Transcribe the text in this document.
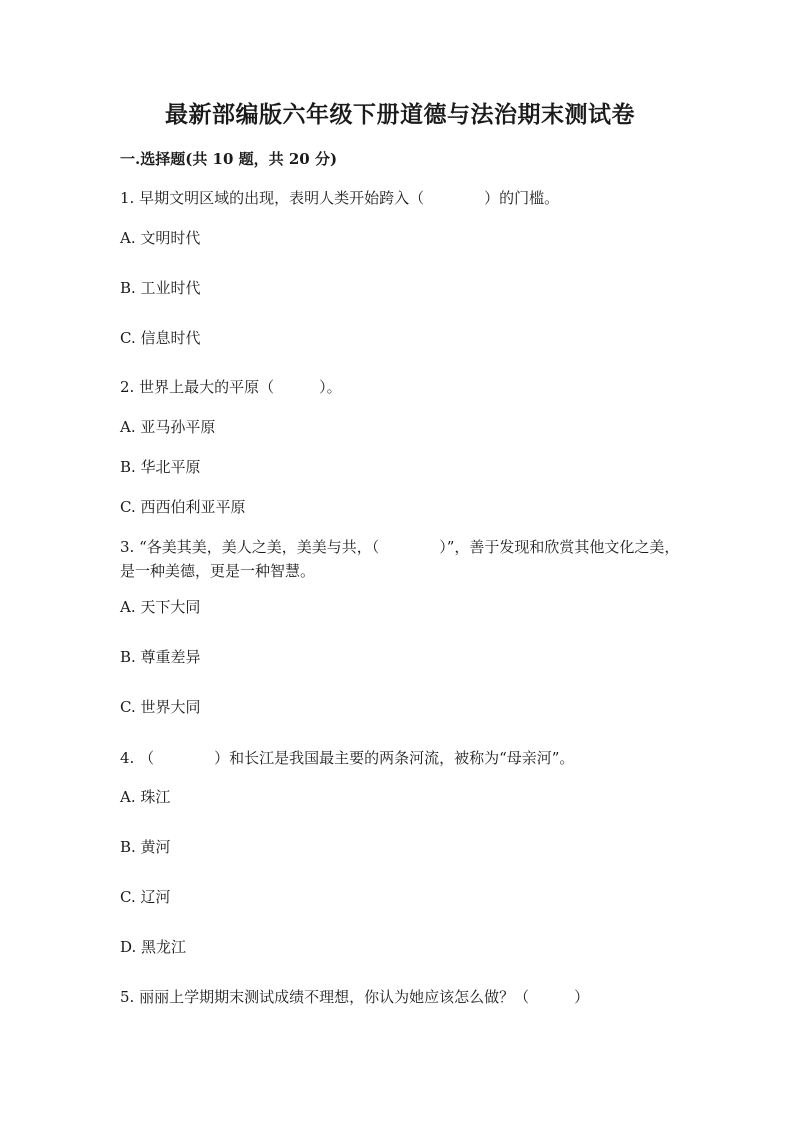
最新部编版六年级下册道德与法治期末测试卷
一.选择题(共 10 题，共 20 分)
1. 早期文明区域的出现，表明人类开始跨入（　　　　）的门槛。
A. 文明时代
B. 工业时代
C. 信息时代
2. 世界上最大的平原（　　　）。
A. 亚马孙平原
B. 华北平原
C. 西西伯利亚平原
3. “各美其美，美人之美，美美与共，（　　　　）”，善于发现和欣赏其他文化之美，是一种美德，更是一种智慧。
A. 天下大同
B. 尊重差异
C. 世界大同
4. （　　　　）和长江是我国最主要的两条河流，被称为“母亲河”。
A. 珠江
B. 黄河
C. 辽河
D. 黑龙江
5. 丽丽上学期期末测试成绩不理想，你认为她应该怎么做？（　　　）
